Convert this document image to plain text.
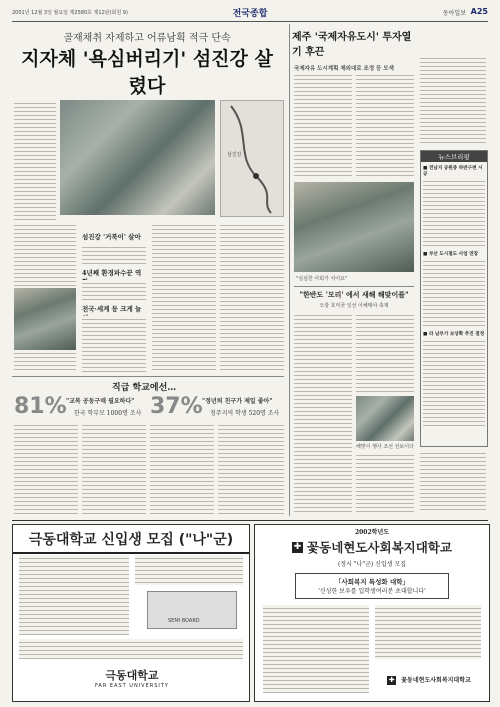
2001년 12월 3일 월요일 제2580호 제12판(회원 9)	전국종합	동아일보 A25
골재채취 자제하고 어류남획 적극 단속
지자체 '욕심버리기' 섬진강 살렸다
섬진강
섬진강 '거북이' 살아
4년째 환경파수꾼 역
전국·세계 등 크게 늘
직급 학교에선…
81% "교복 공동구매 필요하다"
한국 학부모 1000명 조사 37% "정년퇴 친구가 제일 좋아"
청주지역 학생 520명 조사
제주 '국제자유도시' 투자열기 후끈
국제자유 도시계획 제외대로 조정 등 모색
"심심한 사회가 치어요"
뉴스브리핑
■ 전남지 공원중 하반구변 시공
■ 부산 도시철도 사업 연장
■ 라 남부가 보상확 추진 결정
"한반도 '모리' 에서 새해 해맞이를"
오랑 호미곶 일선 이혜매야 축제
해맞이 행사 조선 선보이다
극동대학교 신입생 모집 ("나"군)
SEMI BOARD
극동대학교
FAR EAST UNIVERSITY
2002학년도
✚ 꽃동네현도사회복지대학교
(정시 "나"군) 신입생 모집
「사회복지 특성화 대학」
'신성한 보우를 입학생여러분 초대합니다'
✚ 꽃동네현도사회복지대학교
